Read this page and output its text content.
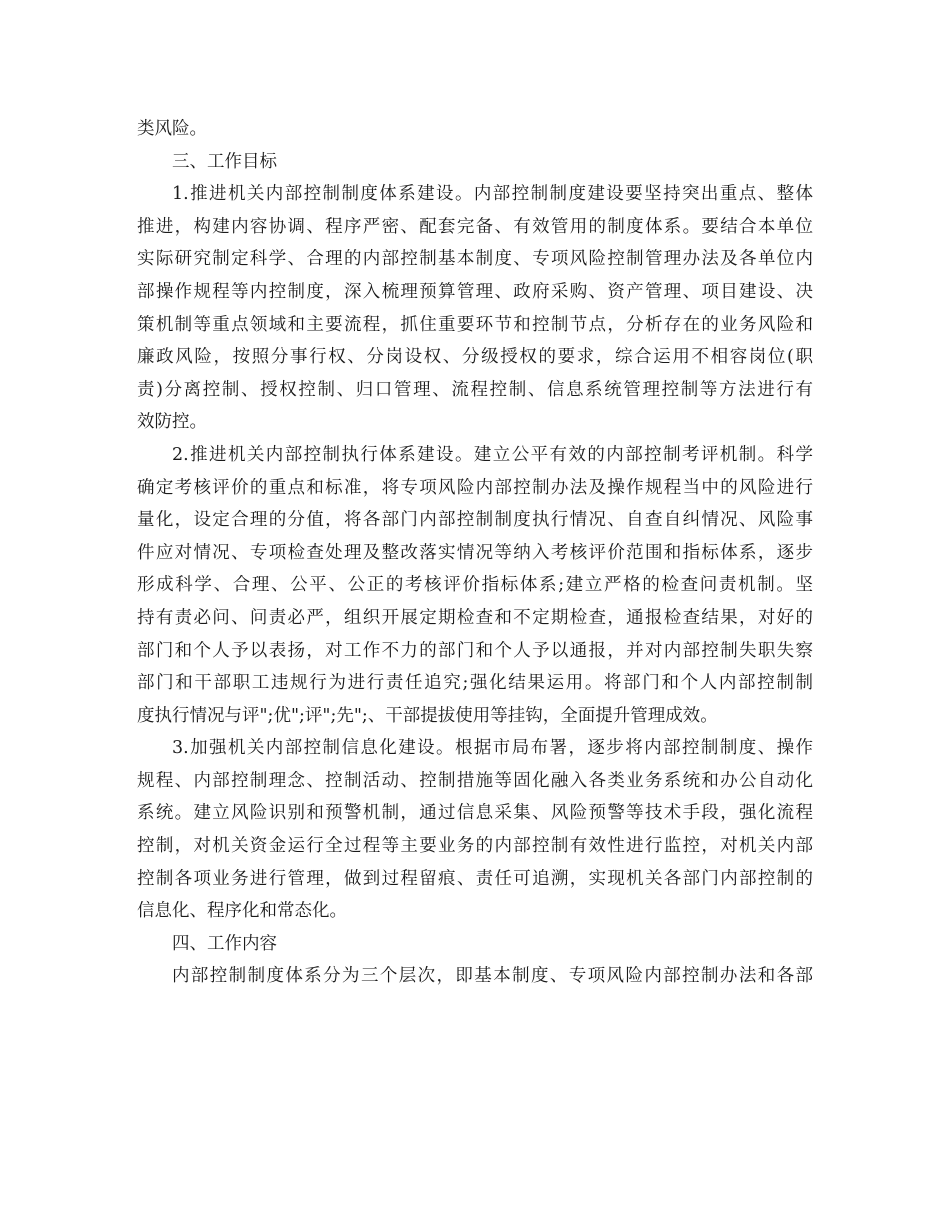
类风险。
三、工作目标
1.推进机关内部控制制度体系建设。内部控制制度建设要坚持突出重点、整体
推进，构建内容协调、程序严密、配套完备、有效管用的制度体系。要结合本单位
实际研究制定科学、合理的内部控制基本制度、专项风险控制管理办法及各单位内
部操作规程等内控制度，深入梳理预算管理、政府采购、资产管理、项目建设、决
策机制等重点领域和主要流程，抓住重要环节和控制节点，分析存在的业务风险和
廉政风险，按照分事行权、分岗设权、分级授权的要求，综合运用不相容岗位(职
责)分离控制、授权控制、归口管理、流程控制、信息系统管理控制等方法进行有
效防控。
2.推进机关内部控制执行体系建设。建立公平有效的内部控制考评机制。科学
确定考核评价的重点和标准，将专项风险内部控制办法及操作规程当中的风险进行
量化，设定合理的分值，将各部门内部控制制度执行情况、自查自纠情况、风险事
件应对情况、专项检查处理及整改落实情况等纳入考核评价范围和指标体系，逐步
形成科学、合理、公平、公正的考核评价指标体系;建立严格的检查问责机制。坚
持有责必问、问责必严，组织开展定期检查和不定期检查，通报检查结果，对好的
部门和个人予以表扬，对工作不力的部门和个人予以通报，并对内部控制失职失察
部门和干部职工违规行为进行责任追究;强化结果运用。将部门和个人内部控制制
度执行情况与评";优";评";先";、干部提拔使用等挂钩，全面提升管理成效。
3.加强机关内部控制信息化建设。根据市局布署，逐步将内部控制制度、操作
规程、内部控制理念、控制活动、控制措施等固化融入各类业务系统和办公自动化
系统。建立风险识别和预警机制，通过信息采集、风险预警等技术手段，强化流程
控制，对机关资金运行全过程等主要业务的内部控制有效性进行监控，对机关内部
控制各项业务进行管理，做到过程留痕、责任可追溯，实现机关各部门内部控制的
信息化、程序化和常态化。
四、工作内容
内部控制制度体系分为三个层次，即基本制度、专项风险内部控制办法和各部
